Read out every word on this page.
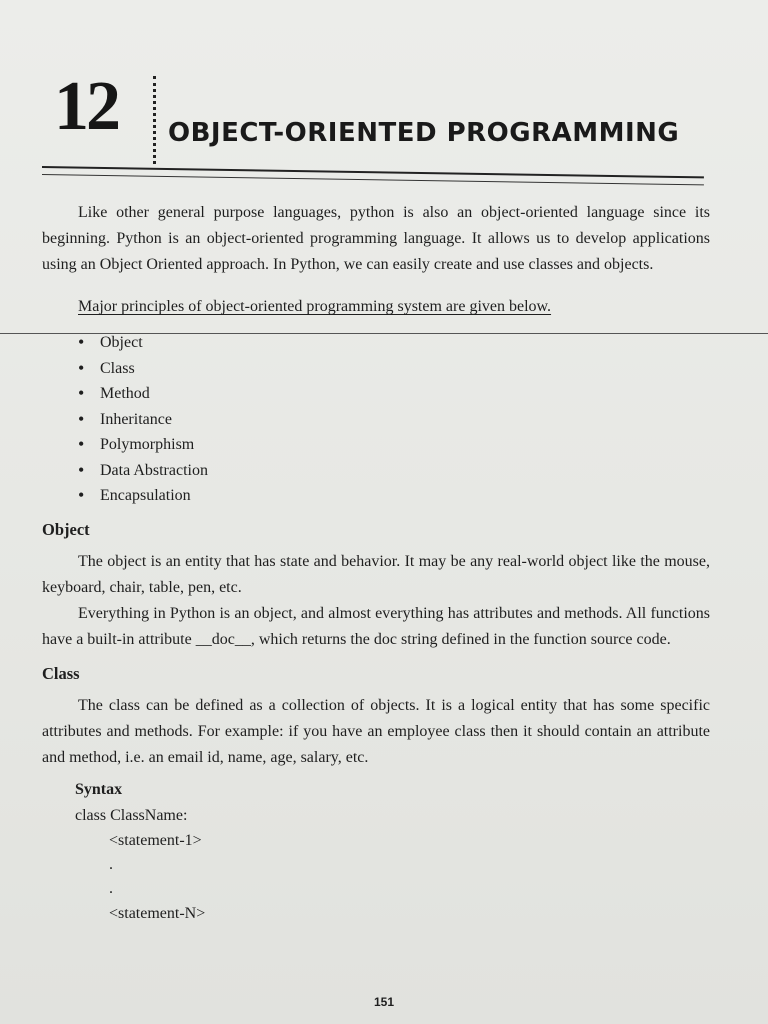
12 OBJECT-ORIENTED PROGRAMMING

Like other general purpose languages, python is also an object-oriented language since its beginning. Python is an object-oriented programming language. It allows us to develop applications using an Object Oriented approach. In Python, we can easily create and use classes and objects.

Major principles of object-oriented programming system are given below.

• Object
• Class
• Method
• Inheritance
• Polymorphism
• Data Abstraction
• Encapsulation
Object

The object is an entity that has state and behavior. It may be any real-world object like the mouse, keyboard, chair, table, pen, etc.

Everything in Python is an object, and almost everything has attributes and methods. All functions have a built-in attribute __doc__, which returns the doc string defined in the function source code.

Class

The class can be defined as a collection of objects. It is a logical entity that has some specific attributes and methods. For example: if you have an employee class then it should contain an attribute and method, i.e. an email id, name, age, salary, etc.

Syntax
class ClassName:
<statement-1>
.
.
<statement-N>
151
